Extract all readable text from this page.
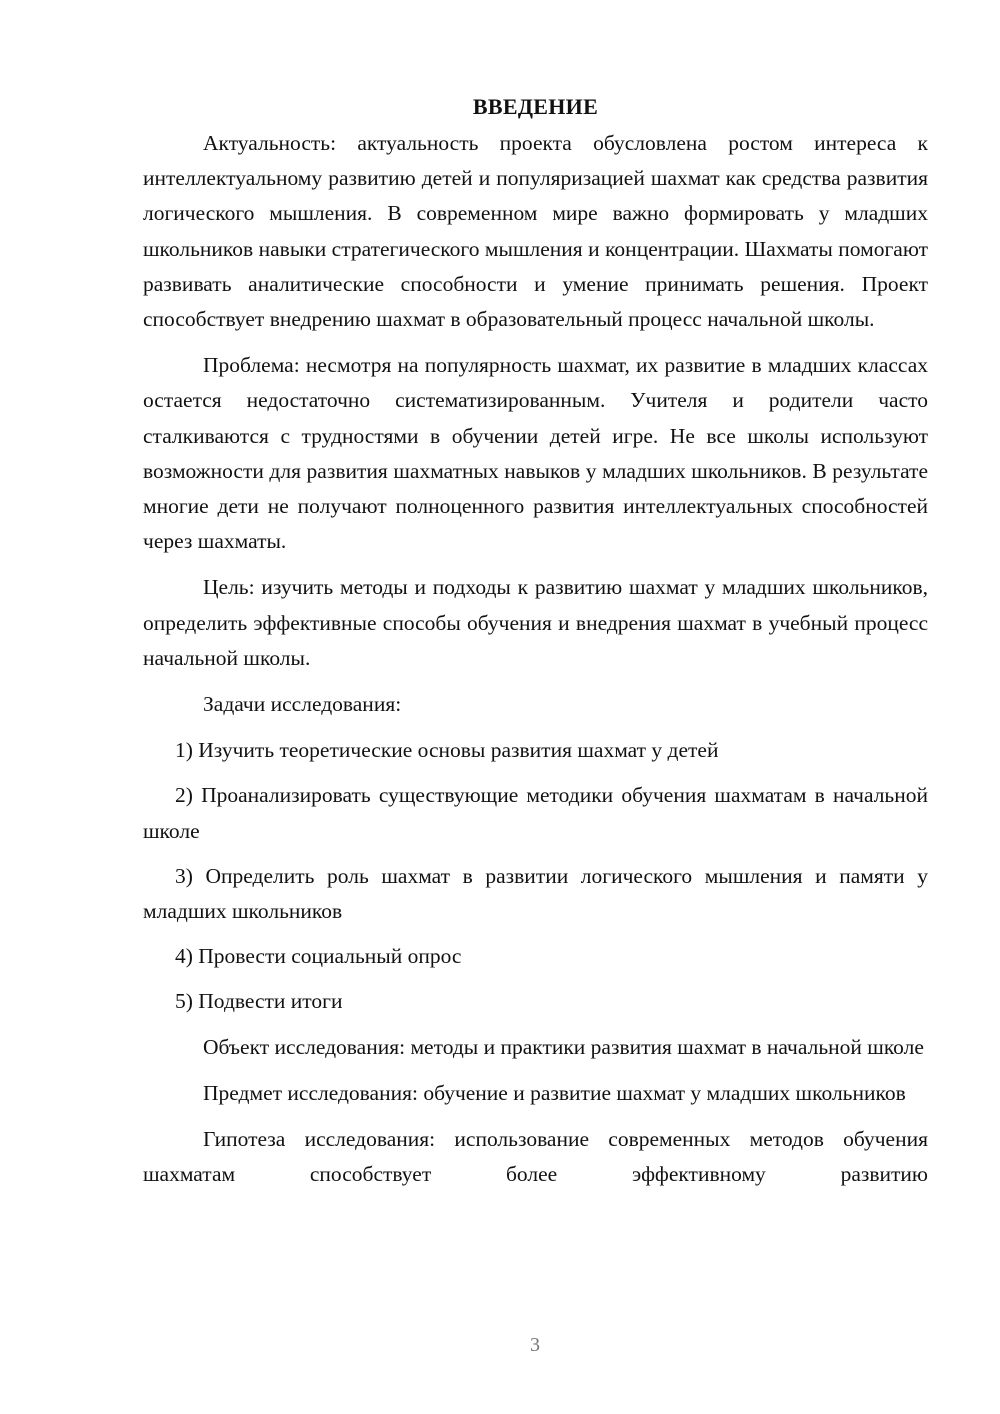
ВВЕДЕНИЕ

Актуальность: актуальность проекта обусловлена ростом интереса к интеллектуальному развитию детей и популяризацией шахмат как средства развития логического мышления. В современном мире важно формировать у младших школьников навыки стратегического мышления и концентрации. Шахматы помогают развивать аналитические способности и умение принимать решения. Проект способствует внедрению шахмат в образовательный процесс начальной школы.

Проблема: несмотря на популярность шахмат, их развитие в младших классах остается недостаточно систематизированным. Учителя и родители часто сталкиваются с трудностями в обучении детей игре. Не все школы используют возможности для развития шахматных навыков у младших школьников. В результате многие дети не получают полноценного развития интеллектуальных способностей через шахматы.

Цель: изучить методы и подходы к развитию шахмат у младших школьников, определить эффективные способы обучения и внедрения шахмат в учебный процесс начальной школы.

Задачи исследования:

1) Изучить теоретические основы развития шахмат у детей

2) Проанализировать существующие методики обучения шахматам в начальной школе

3) Определить роль шахмат в развитии логического мышления и памяти у младших школьников

4) Провести социальный опрос

5) Подвести итоги

Объект исследования: методы и практики развития шахмат в начальной школе

Предмет исследования: обучение и развитие шахмат у младших школьников

Гипотеза исследования: использование современных методов обучения шахматам способствует более эффективному развитию

3
